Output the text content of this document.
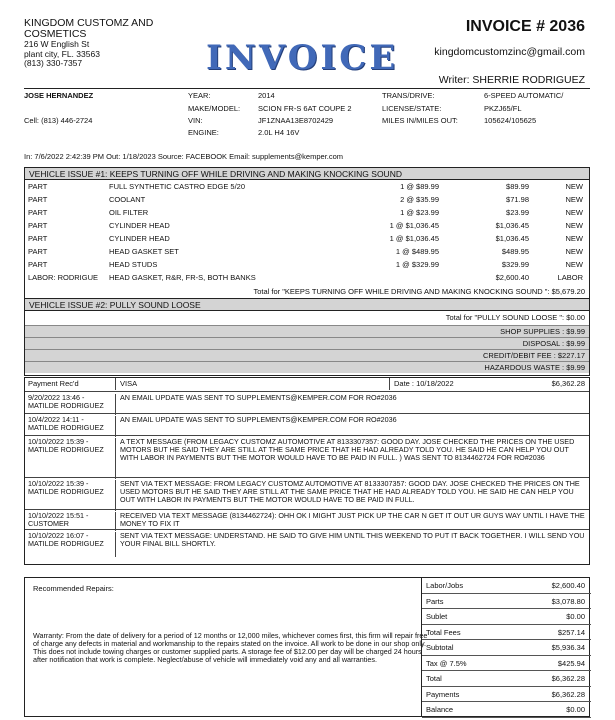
KINGDOM CUSTOMZ AND
COSMETICS
216 W English St
plant city, FL. 33563
(813) 330-7357	INVOICE
INVOICE # 2036
kingdomcustomzinc@gmail.com
Writer: SHERRIE RODRIGUEZ
JOSE HERNANDEZ
Cell: (813) 446-2724
YEAR:	2014
MAKE/MODEL: SCION FR-S 6AT COUPE 2
VIN:	JF1ZNAA13E8702429
ENGINE:	2.0L H4 16V
TRANS/DRIVE:	6-SPEED AUTOMATIC/
LICENSE/STATE:	PKZJ65/FL
MILES IN/MILES OUT:	105624/105625
In: 7/6/2022 2:42:39 PM Out: 1/18/2023 Source: FACEBOOK Email: supplements@kemper.com
VEHICLE ISSUE #1: KEEPS TURNING OFF WHILE DRIVING AND MAKING KNOCKING SOUND
PART	FULL SYNTHETIC CASTRO EDGE 5/20	1 @ $89.99	$89.99	NEW
PART	COOLANT	2 @ $35.99	$71.98	NEW
PART	OIL FILTER	1 @ $23.99	$23.99	NEW
PART	CYLINDER HEAD	1 @ $1,036.45	$1,036.45	NEW
PART	CYLINDER HEAD	1 @ $1,036.45	$1,036.45	NEW
PART	HEAD GASKET SET	1 @ $489.95	$489.95	NEW
PART	HEAD STUDS	1 @ $329.99	$329.99	NEW
LABOR: RODRIGUE HEAD GASKET, R&R, FR-S, BOTH BANKS	$2,600.40	LABOR
Total for "KEEPS TURNING OFF WHILE DRIVING AND MAKING KNOCKING SOUND ": $5,679.20
VEHICLE ISSUE #2: PULLY SOUND LOOSE
Total for "PULLY SOUND LOOSE ": $0.00
SHOP SUPPLIES : $9.99
DISPOSAL : $9.99
CREDIT/DEBIT FEE : $227.17
HAZARDOUS WASTE : $9.99
Payment Rec'd	VISA	Date : 10/18/2022	$6,362.28
9/20/2022 13:46 - MATILDE RODRIGUEZ
AN EMAIL UPDATE WAS SENT TO SUPPLEMENTS@KEMPER.COM FOR RO#2036
10/4/2022 14:11 - MATILDE RODRIGUEZ
AN EMAIL UPDATE WAS SENT TO SUPPLEMENTS@KEMPER.COM FOR RO#2036
10/10/2022 15:39 - MATILDE RODRIGUEZ
A TEXT MESSAGE (FROM LEGACY CUSTOMZ AUTOMOTIVE AT 8133307357: GOOD DAY. JOSE CHECKED THE PRICES ON THE USED MOTORS BUT HE SAID THEY ARE STILL AT THE SAME PRICE THAT HE HAD ALREADY TOLD YOU. HE SAID HE CAN HELP YOU OUT WITH LABOR IN PAYMENTS BUT THE MOTOR WOULD HAVE TO BE PAID IN FULL. ) WAS SENT TO 8134462724 FOR RO#2036
10/10/2022 15:39 - MATILDE RODRIGUEZ
SENT VIA TEXT MESSAGE: FROM LEGACY CUSTOMZ AUTOMOTIVE AT 8133307357: GOOD DAY. JOSE CHECKED THE PRICES ON THE USED MOTORS BUT HE SAID THEY ARE STILL AT THE SAME PRICE THAT HE HAD ALREADY TOLD YOU. HE SAID HE CAN HELP YOU OUT WITH LABOR IN PAYMENTS BUT THE MOTOR WOULD HAVE TO BE PAID IN FULL.
10/10/2022 15:51 - CUSTOMER
RECEIVED VIA TEXT MESSAGE (8134462724): OHH OK I MIGHT JUST PICK UP THE CAR N GET IT OUT UR GUYS WAY UNTIL I HAVE THE MONEY TO FIX IT
10/10/2022 16:07 - MATILDE RODRIGUEZ
SENT VIA TEXT MESSAGE: UNDERSTAND. HE SAID TO GIVE HIM UNTIL THIS WEEKEND TO PUT IT BACK TOGETHER. I WILL SEND YOU YOUR FINAL BILL SHORTLY.
Recommended Repairs:
Warranty: From the date of delivery for a period of 12 months or 12,000 miles, whichever comes first, this firm will repair free of charge any defects in material and workmanship to the repairs stated on the invoice. All work to be done in our shop only. This does not include towing charges or customer supplied parts. A storage fee of $12.00 per day will be charged 24 hours after notification that work is complete. Neglect/abuse of vehicle will immediately void any and all warranties.
Labor/Jobs	$2,600.40
Parts	$3,078.80
Sublet	$0.00
Total Fees	$257.14
Subtotal	$5,936.34
Tax @ 7.5%	$425.94
Total	$6,362.28
Payments	$6,362.28
Balance	$0.00
